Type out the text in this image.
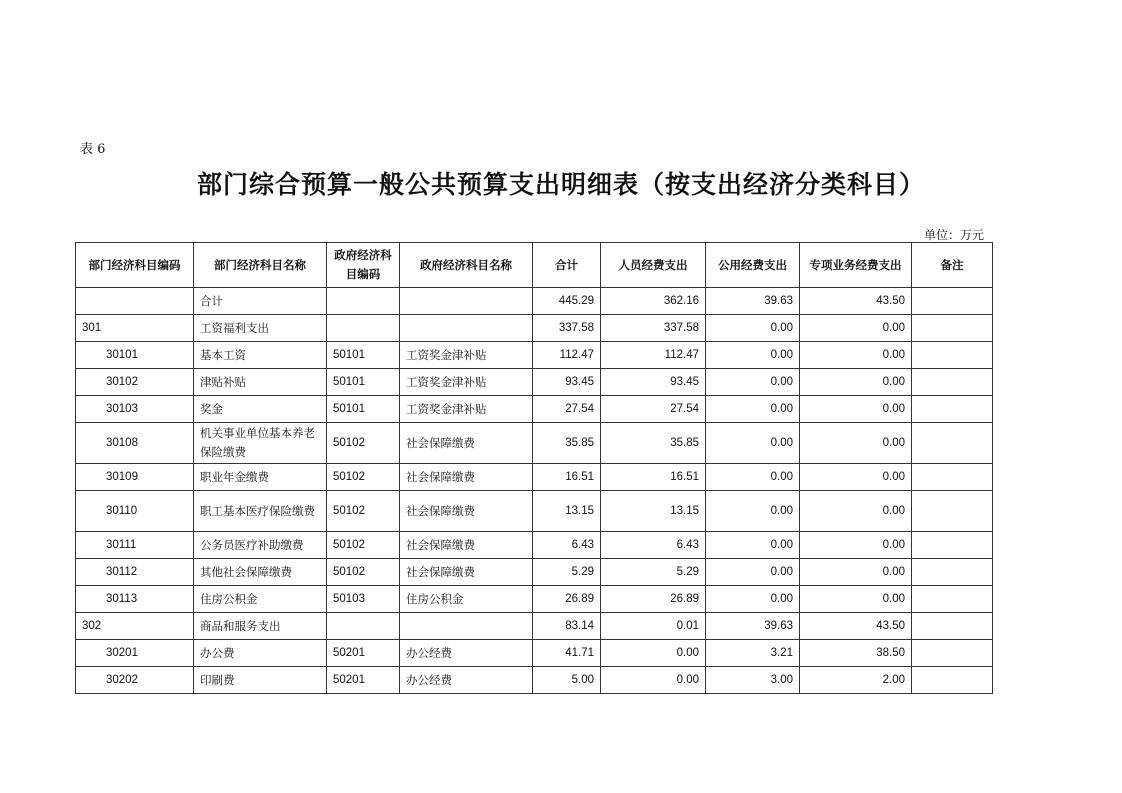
表 6
部门综合预算一般公共预算支出明细表（按支出经济分类科目）
单位：万元
部门经济科目编码	部门经济科目名称	政府经济科目编码	政府经济科目名称	合计	人员经费支出	公用经费支出	专项业务经费支出	备注
	合计			445.29	362.16	39.63	43.50	
301	工资福利支出			337.58	337.58	0.00	0.00	
30101	基本工资	50101	工资奖金津补贴	112.47	112.47	0.00	0.00	
30102	津贴补贴	50101	工资奖金津补贴	93.45	93.45	0.00	0.00	
30103	奖金	50101	工资奖金津补贴	27.54	27.54	0.00	0.00	
30108	机关事业单位基本养老保险缴费	50102	社会保障缴费	35.85	35.85	0.00	0.00	
30109	职业年金缴费	50102	社会保障缴费	16.51	16.51	0.00	0.00	
30110	职工基本医疗保险缴费	50102	社会保障缴费	13.15	13.15	0.00	0.00	
30111	公务员医疗补助缴费	50102	社会保障缴费	6.43	6.43	0.00	0.00	
30112	其他社会保障缴费	50102	社会保障缴费	5.29	5.29	0.00	0.00	
30113	住房公积金	50103	住房公积金	26.89	26.89	0.00	0.00	
302	商品和服务支出			83.14	0.01	39.63	43.50	
30201	办公费	50201	办公经费	41.71	0.00	3.21	38.50	
30202	印刷费	50201	办公经费	5.00	0.00	3.00	2.00	
